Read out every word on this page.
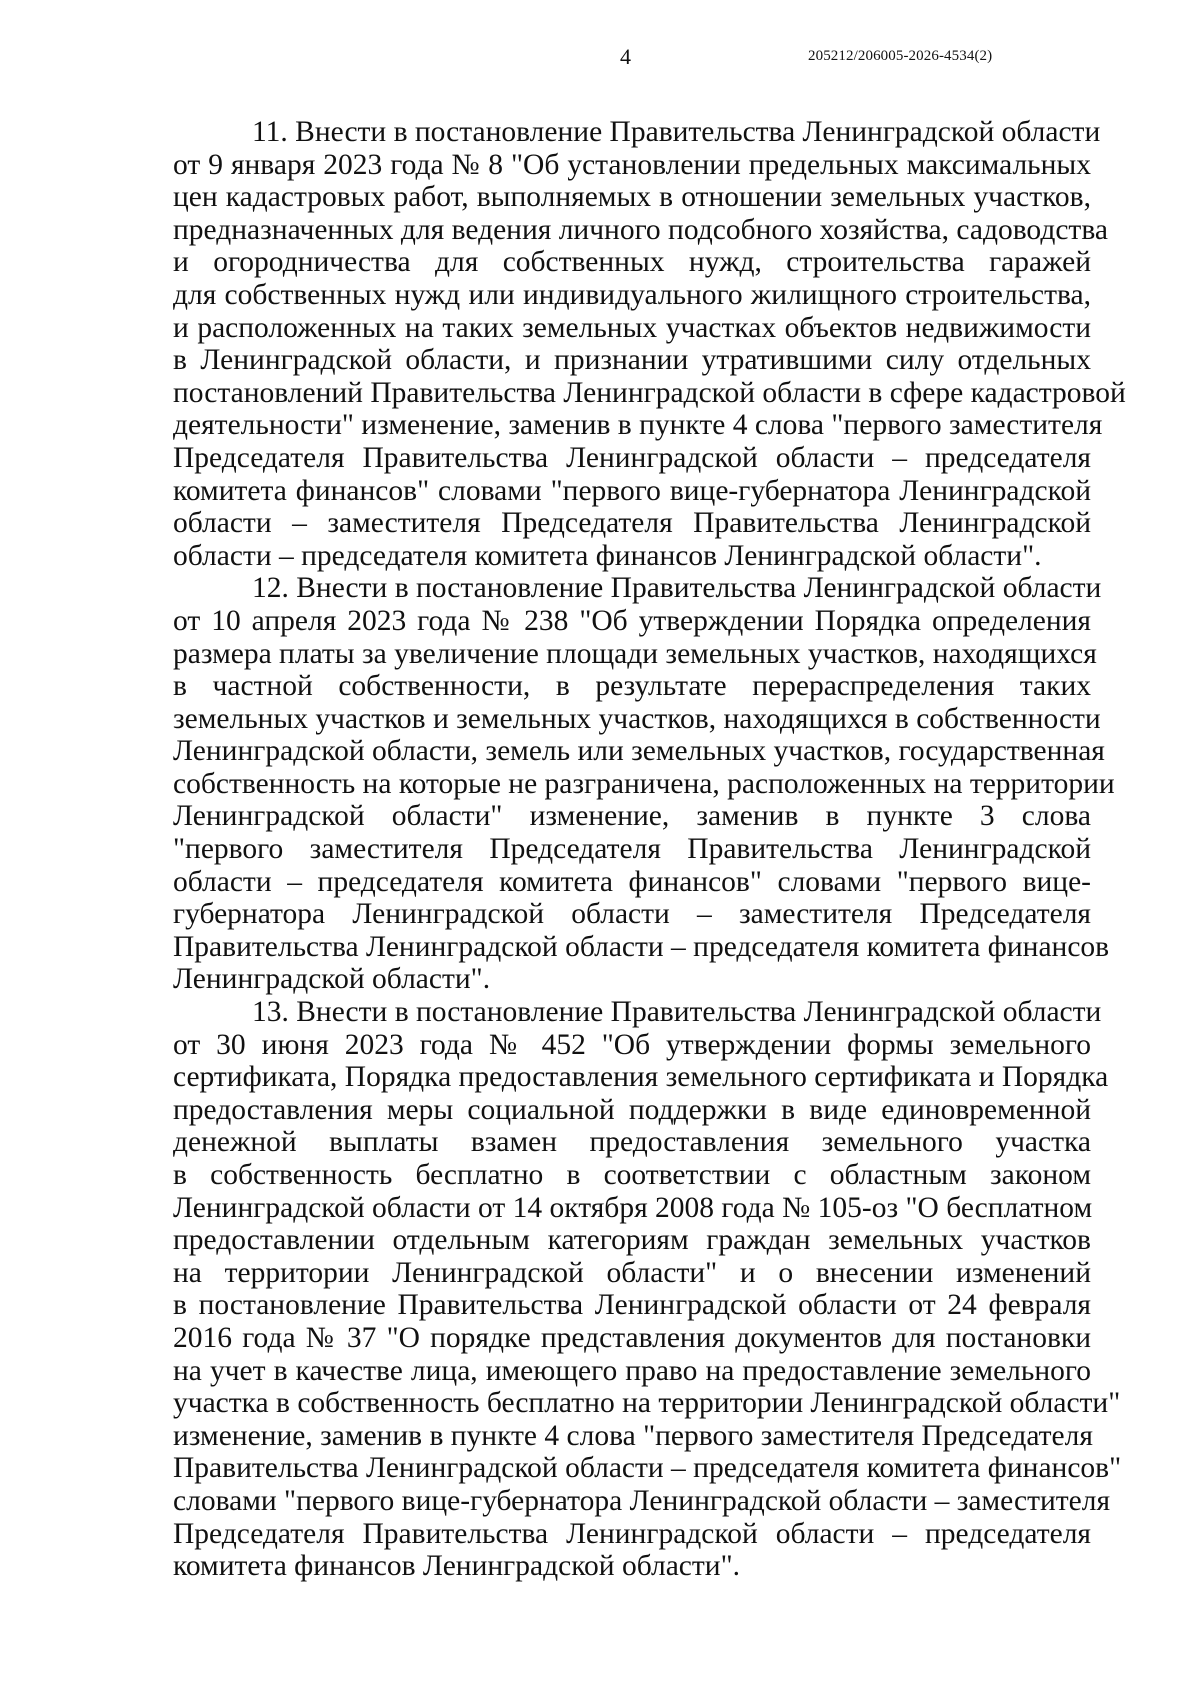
4	205212/206005-2026-4534(2)
11. Внести в постановление Правительства Ленинградской области
от 9 января 2023 года № 8 "Об установлении предельных максимальных
цен кадастровых работ, выполняемых в отношении земельных участков,
предназначенных для ведения личного подсобного хозяйства, садоводства
и огородничества для собственных нужд, строительства гаражей
для собственных нужд или индивидуального жилищного строительства,
и расположенных на таких земельных участках объектов недвижимости
в Ленинградской области, и признании утратившими силу отдельных
постановлений Правительства Ленинградской области в сфере кадастровой
деятельности" изменение, заменив в пункте 4 слова "первого заместителя
Председателя Правительства Ленинградской области – председателя
комитета финансов" словами "первого вице-губернатора Ленинградской
области – заместителя Председателя Правительства Ленинградской
области – председателя комитета финансов Ленинградской области".
12. Внести в постановление Правительства Ленинградской области
от 10 апреля 2023 года № 238 "Об утверждении Порядка определения
размера платы за увеличение площади земельных участков, находящихся
в частной собственности, в результате перераспределения таких
земельных участков и земельных участков, находящихся в собственности
Ленинградской области, земель или земельных участков, государственная
собственность на которые не разграничена, расположенных на территории
Ленинградской области" изменение, заменив в пункте 3 слова
"первого заместителя Председателя Правительства Ленинградской
области – председателя комитета финансов" словами "первого вице-
губернатора Ленинградской области – заместителя Председателя
Правительства Ленинградской области – председателя комитета финансов
Ленинградской области".
13. Внести в постановление Правительства Ленинградской области
от 30 июня 2023 года № 452 "Об утверждении формы земельного
сертификата, Порядка предоставления земельного сертификата и Порядка
предоставления меры социальной поддержки в виде единовременной
денежной выплаты взамен предоставления земельного участка
в собственность бесплатно в соответствии с областным законом
Ленинградской области от 14 октября 2008 года № 105-оз "О бесплатном
предоставлении отдельным категориям граждан земельных участков
на территории Ленинградской области" и о внесении изменений
в постановление Правительства Ленинградской области от 24 февраля
2016 года № 37 "О порядке представления документов для постановки
на учет в качестве лица, имеющего право на предоставление земельного
участка в собственность бесплатно на территории Ленинградской области"
изменение, заменив в пункте 4 слова "первого заместителя Председателя
Правительства Ленинградской области – председателя комитета финансов"
словами "первого вице-губернатора Ленинградской области – заместителя
Председателя Правительства Ленинградской области – председателя
комитета финансов Ленинградской области".
